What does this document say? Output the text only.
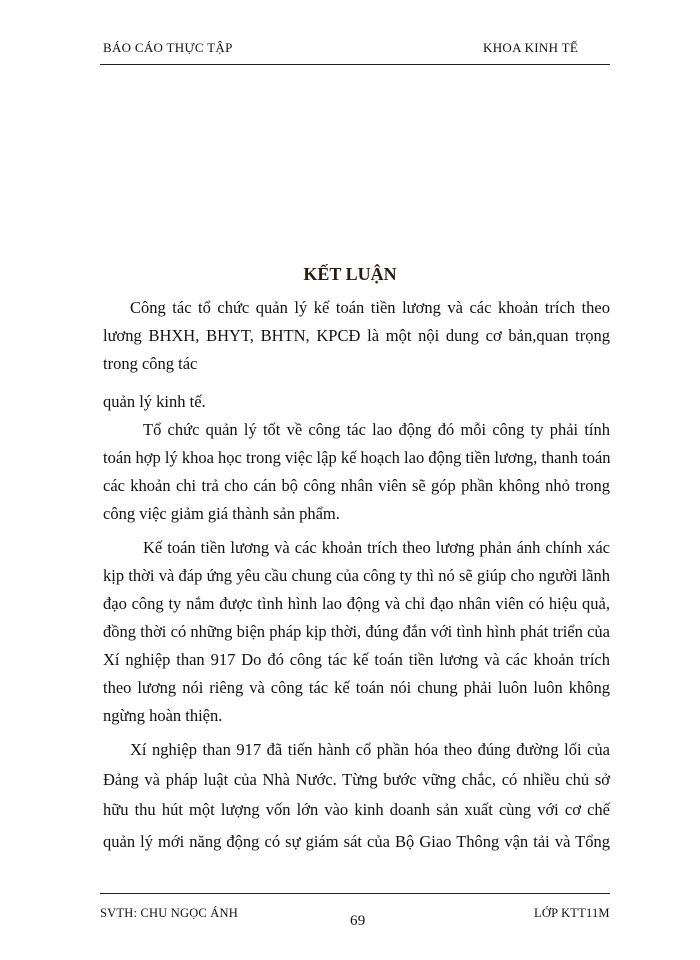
BÁO CÁO THỰC TẬP	KHOA KINH TẾ
KẾT LUẬN
Công tác tổ chức quản lý kế toán tiền lương và các khoản trích theo
lương BHXH, BHYT, BHTN, KPCĐ là một nội dung cơ bản,quan trọng
trong công tác
quản lý kinh tế.
Tổ chức quản lý tốt về công tác lao động đó mỗi công ty phải tính
toán hợp lý khoa học trong việc lập kế hoạch lao động tiền lương, thanh toán
các khoản chi trả cho cán bộ công nhân viên sẽ góp phần không nhỏ trong
công việc giảm giá thành sản phẩm.
Kế toán tiền lương và các khoản trích theo lương phản ánh chính xác
kịp thời và đáp ứng yêu cầu chung của công ty thì nó sẽ giúp cho người lãnh
đạo công ty nắm được tình hình lao động và chỉ đạo nhân viên có hiệu quả,
đồng thời có những biện pháp kịp thời, đúng đắn với tình hình phát triển của
Xí nghiệp than 917 Do đó công tác kế toán tiền lương và các khoản trích
theo lương nói riêng và công tác kế toán nói chung phải luôn luôn không
ngừng hoàn thiện.
Xí nghiệp than 917 đã tiến hành cổ phần hóa theo đúng đường lối của
Đảng và pháp luật của Nhà Nước. Từng bước vững chắc, có nhiều chủ sở
hữu thu hút một lượng vốn lớn vào kinh doanh sản xuất cùng với cơ chế
SVTH: CHU NGỌC ÁNH	69	LỚP KTT11M
quản lý mới năng động có sự giám sát của Bộ Giao Thông vận tải và Tổng
